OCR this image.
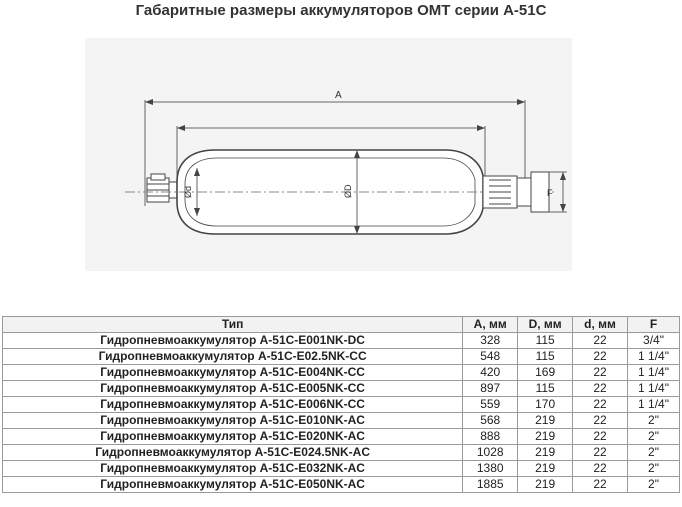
Габаритные размеры аккумуляторов ОМТ серии А-51С
A
ØD
Ød	F
Тип	А, мм	D, мм	d, мм	F
Гидропневмоаккумулятор A-51C-E001NK-DC	328	115	22	3/4"
Гидропневмоаккумулятор A-51C-E02.5NK-CC	548	115	22	1 1/4"
Гидропневмоаккумулятор A-51C-E004NK-CC	420	169	22	1 1/4"
Гидропневмоаккумулятор A-51C-E005NK-CC	897	115	22	1 1/4"
Гидропневмоаккумулятор A-51C-E006NK-CC	559	170	22	1 1/4"
Гидропневмоаккумулятор A-51C-E010NK-AC	568	219	22	2"
Гидропневмоаккумулятор A-51C-E020NK-AC	888	219	22	2"
Гидропневмоаккумулятор A-51C-E024.5NK-AC	1028	219	22	2"
Гидропневмоаккумулятор A-51C-E032NK-AC	1380	219	22	2"
Гидропневмоаккумулятор A-51C-E050NK-AC	1885	219	22	2"
